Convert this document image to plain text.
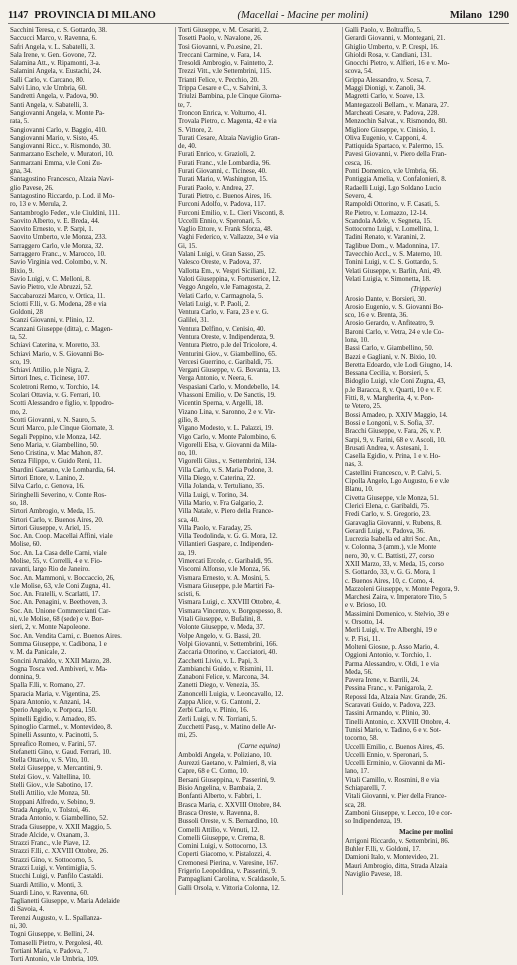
1147 PROVINCIA DI MILANO	(Macellai - Macine per molini)	Milano 1290
Sacchini Teresa, c. S. Gottardo, 38.
Saccucci Marco, v. Ravenna, 6.
Safri Angela, v. L. Sabatelli, 3.
Sala Irene, v. Gen. Govone, 72.
Salamina Att., v. Ripamonti, 3-a.
Salamini Angela, v. Eustachi, 24.
Salli Carlo, v. Carcano, 80.
Salvi Lino, v.le Umbria, 60.
Sandretti Angela, v. Padova, 90.
Santi Angela, v. Sabatelli, 3.
Sangiovanni Angela, v. Monte Pa-
rata, 5.
Sangiovanni Carlo, v. Baggio, 410.
Sangiovanni Mario, v. Sisto, 45.
Sangiovanni Ricc., v. Rismondo, 30.
Sanmarzano Eschele, v. Muratori, 10.
Sanmarzani Emma, v.le Coni Zu-
gna, 34.
Santagostino Francesco, Alzaia Navi-
glio Pavese, 26.
Santagostino Riccardo, p. Lod. il Mo-
ro, 13 e v. Merula, 2.
Santambroglo Feder., v.le Ciuldini, 111.
Saovito Alberto, v. E. Breda, 44.
Saovito Ernesto, v. P. Sarpi, 1.
Saovito Umberto, v.le Monza, 233.
Sarraggero Carlo, v.le Monza, 32.
Sarraggero Franc., v. Marocco, 10.
Savio Virginia ved. Colombo, v. N.
Bixio, 9.
Savio Luigi, v. C. Melloni, 8.
Savio Pietro, v.le Abruzzi, 52.
Saccabarozzi Marco, v. Ortica, 11.
Sciotti F.lli, v. G. Modena, 28 e via
Goldoni, 28
Scanzi Giovanni, v. Plinio, 12.
Scanzani Giuseppe (ditta), c. Magen-
ta, 52.
Schiavi Caterina, v. Moretto, 33.
Schiavi Mario, v. S. Giovanni Bo-
sco, 19.
Schiavi Attilio, p.le Nigra, 2.
Sirtori Ines, c. Ticinese, 107.
Scoletroni Remo, v. Torchio, 14.
Scolari Ottavia, v. G. Ferrari, 10.
Scotti Alessandro e figlio, v. Ippodro-
mo, 2.
Scotti Giovanni, v. N. Sauro, 5.
Scuri Marco, p.le Cinque Giornate, 3.
Segali Peppino, v.le Monza, 142.
Seno Maria, v. Giambellino, 50.
Seno Cristina, v. Mac Mahon, 87.
Senza Filippo, v. Guido Reni, 11.
Sbardini Gaetano, v.le Lombardia, 64.
Sirtori Ettore, v. Lanino, 2.
Silva Carlo, c. Genova, 16.
Siringhelli Severino, v. Conte Ros-
so, 18.
Sirtori Ambrogio, v. Meda, 15.
Sirtori Carlo, v. Buenos Aires, 20.
Sirtori Giuseppe, v. Ariel, 15.
Soc. An. Coop. Macellai Affini, viale
Molise, 60.
Soc. An. La Casa delle Carni, viale
Molise, 55, v. Correlli, 4 e v. Fio-
ravanti, largo Rio de Janeiro.
Soc. An. Mammoni, v. Boccaccio, 26,
v.le Molise, 63, v.le Coni Zugna, 41.
Soc. An. Fratelli, v. Scarlatti, 17.
Soc. An. Penagini, v. Beethoven, 3.
Soc. An. Unione Commercianti Car-
ni, v.le Molise, 68 (sede) e v. Bor-
sieri, 2, v. Monte Napoleone.
Soc. An. Vendita Carni, c. Buenos Aires.
Somma Giuseppe, v. Cadibona, 1 e
v. M. da Panicale, 2.
Soncini Arnaldo, v. XXII Marzo, 28.
Sogna Tosca ved. Ambiveri, v. Ma-
donnina, 9.
Spalla F.lli, v. Romano, 27.
Sparacia Maria, v. Vigentina, 25.
Spara Antonio, v. Anzani, 14.
Sperio Angelo, v. Porpora, 150.
Spinelli Egidio, v. Amadeo, 85.
Spinoglio Carmel., v. Montevideo, 8.
Spinelli Assunto, v. Pacinotti, 5.
Spreafico Romeo, v. Farini, 57.
Stefanetti Gino, v. Gaud. Ferrari, 10.
Stella Ottavio, v. S. Vito, 10.
Stelzi Giuseppe, v. Mercantini, 9.
Stelzi Giov., v. Valtellina, 10.
Stelli Giov., v.le Sabotino, 17.
Stelli Attilio, v.le Monza, 50.
Stoppani Alfredo, v. Sebino, 9.
Strada Angelo, v. Tolstoi, 46.
Strada Antonio, v. Giambellino, 52.
Strada Giuseppe, v. XXII Maggio, 5.
Strade Alcide, v. Oxanam, 3.
Strazzi Franc., v.le Piave, 12.
Strazzi F.lli, c. XXVIII Ottobre, 26.
Strazzi Gino, v. Sottocorno, 5.
Strazzi Luigi, v. Ventimiglia, 5.
Stucchi Luigi, v. Panfilo Castaldi.
Suardi Attilio, v. Monti, 3.
Suardi Lino, v. Ravenna, 60.
Taglianetti Giuseppe, v. Maria Adelaide
di Savoia, 4.
Terenzi Augusto, v. L. Spallanza-
ni, 30.
Togni Giuseppe, v. Bellini, 24.
Tomaselli Pietro, v. Pergolesi, 40.
Tortiani Maria, v. Padova, 7.
Torti Antonio, v.le Umbria, 109.
Torti Giuseppe, v. M. Cesariti, 2.
Tosetti Paolo, v. Navalone, 26.
Tosi Giovanni, v. Po.esine, 21.
Treccani Carmine, v. Fara, 14.
Tresoldi Ambrogio, v. Faintetto, 2.
Trezzi Vitt., v.le Settembrini, 115.
Trianti Felice, v. Pecchio, 20.
Trippa Cesare e C., v. Salvini, 3.
Triulzi Bambina, p.le Cinque Giorna-
te, 7.
Troncon Enrica, v. Volturno, 41.
Trovala Pietro, c. Magenta, 42 e via
S. Vittore, 2.
Turati Cesare, Alzaia Naviglio Gran-
de, 40.
Furati Enrico, v. Grazioli, 2.
Furati Franc., v.le Lombardia, 96.
Furati Giovanni, c. Ticinese, 40.
Turati Mario, v. Washington, 15.
Furati Paolo, v. Andrea, 27.
Turati Pietro, c. Buenos Aires, 16.
Furconi Adolfo, v. Padova, 117.
Furconi Emilio, v. L. Cieri Visconti, 8.
Uccelli Ennio, v. Speronari, 5.
Vaglio Ettore, v. Frank Sforza, 48.
Vaghi Federico, v. Vallazze, 34 e via
Gi, 15.
Valani Luigi, v. Gran Sasso, 25.
Valesco Oreste, v. Padova, 37.
Vallotta Em., v. Vespri Siciliani, 12.
Valoti Giuseppina, v. Fortuserice, 12.
Veggo Angelo, v.le Famagosta, 2.
Velati Carlo, v. Carmagnola, 5.
Velati Luigi, v. P. Paoli, 2.
Ventura Carlo, v. Fara, 23 e v. G.
Galilei, 31.
Ventura Delfino, v. Cenisio, 40.
Ventura Oreste, v. Indipendenza, 9.
Ventura Pietro, p.le del Tricolore, 4.
Venturini Giov., v. Giambellino, 65.
Vercesi Guerrino, c. Garibaldi, 75.
Vergani Giuseppe, v. G. Bovanta, 13.
Verga Antonio, v. Neera, 6.
Vespasiani Carlo, v. Mondebello, 14.
Vhassoni Emilio, v. De Sanctis, 19.
Vicentin Sperna, v. Argelli, 18.
Vizano Lina, v. Saronno, 2 e v. Vir-
gilio, 8.
Vigano Modesto, v. L. Palazzi, 19.
Vigo Carlo, v. Monte Palombino, 6.
Vigorelli Elsa, v. Giovanni da Mila-
no, 10.
Vigorelli Gius., v. Settembrini, 134.
Villa Carlo, v. S. Maria Podone, 3.
Villa Diego, v. Caterina, 22.
Villa Jolanda, v. Tertuliano, 35.
Villa Luigi, v. Torino, 34.
Villa Mario, v. Fra Galgario, 2.
Villa Natale, v. Piero della France-
sca, 40.
Villa Paolo, v. Faraday, 25.
Villa Teodolinda, v. G. G. Mora, 12.
Villantieri Gaspare, c. Indipenden-
za, 19.
Vimercati Ercole, c. Garibaldi, 95.
Viscomi Alfonso, v.le Monza, 56.
Vismara Ernesto, v. A. Mosini, 5.
Vismara Giuseppe, p.le Martiri Fa-
scisti, 6.
Vismara Luigi, c. XXVIII Ottobre, 4.
Vismara Vincenzo, v. Borgospesso, 8.
Vitali Giuseppe, v. Bufalini, 8.
Volonte Giuseppe, v. Meda, 37.
Volpe Angelo, v. G. Bassi, 20.
Volpi Giovanni, v. Settembrini, 166.
Zaccaria Ottorino, v. Cacciatori, 40.
Zacchetti Livio, v. L. Papi, 3.
Zambianchi Guido, v. Rismini, 11.
Zanaboni Felice, v. Marcona, 34.
Zanetti Diego, v. Venezia, 35.
Zanoncelli Luigia, v. Leoncavallo, 12.
Zappa Alice, v. G. Cantoni, 2.
Zerbi Carlo, v. Plinio, 16.
Zerli Luigi, v. N. Torriani, 5.
Zucchetti Pasq., v. Matino delle Ar-
mi, 25.
(Carne equina)
Amboldi Angela, v. Poliziano, 10.
Aurezzi Gaetano, v. Palmieri, 8, via
Capre, 68 e C. Como, 10.
Bersani Giuseppina, v. Passerini, 9.
Bisio Angelina, v. Bambaia, 2.
Bonfanti Alberto, v. Fabbri, 1.
Brasca Maria, c. XXVIII Ottobre, 84.
Brasca Oreste, v. Ravenna, 8.
Bussoli Oreste, v. S. Bernardino, 10.
Comelli Attilio, v. Venuti, 12.
Comelli Giuseppe, v. Crema, 8.
Comini Luigi, v. Sottocorno, 13.
Coperti Giacomo, v. Pistalozzi, 4.
Cremonesi Pierina, v. Varesine, 167.
Frigerio Leopoldina, v. Passerini, 9.
Pampagliani Carolina, v. Scaldasole, 5.
Galli Orsola, v. Vittoria Colonna, 12.
Galli Paolo, v. Boltraffio, 5.
Gerardi Giovanni, v. Montegani, 21.
Ghiglio Umberto, v. P. Crespi, 16.
Ghioldi Rosa, v. Candiani, 131.
Gnocchi Pietro, v. Alfieri, 16 e v. Mo-
scova, 54.
Grippa Alessandro, v. Scesa, 7.
Maggi Dionigi, v. Zanoli, 34.
Magretti Carlo, v. Soave, 13.
Mantegazzoli Bellam., v. Manara, 27.
Marcheati Cesare, v. Padova, 228.
Menzochin Salvat., v. Rismondo, 80.
Migliore Giuseppe, v. Cinisio, 1.
Oliva Eugenio, v. Capponi, 4.
Pattiquida Spartaco, v. Palermo, 15.
Pavesi Giovanni, v. Piero della Fran-
cesca, 16.
Ponti Domenico, v.le Umbria, 66.
Pontiggia Amelia, v. Confalonieri, 8.
Radaelli Luigi, Lgo Soldano Lucio
Severo, 4.
Rampoldi Ottorino, v. F. Casati, 5.
Re Pietro, v. Lomazzo, 12-14.
Scandola Adele, v. Segneta, 15.
Sottocorno Luigi, v. Lomellina, 1.
Tadini Renato, v. Varanini, 2.
Taglibue Dom., v. Madonnina, 17.
Tavecchio Accl., v. S. Materno, 10.
Tonini Luigi, v. C. S. Gottardo, 5.
Velati Giuseppe, v. Barlin, Ani, 49.
Velati Luigia, v. Simonetta, 18.
(Tripperie)
Arosio Dante, v. Borsieri, 30.
Arosio Eugenio, v. S. Giovanni Bo-
sco, 16 e v. Brenta, 36.
Arosio Gerardo, v. Anfiteatro, 9.
Baroni Carlo, v. Vetra, 24 e v.le Co-
lona, 10.
Bassi Carlo, v. Giambellino, 50.
Bazzi e Gagliani, v. N. Bixio, 10.
Beretta Edoardo, v.le Lodi Giugno, 14.
Bessana Cecilia, v. Borsieri, 5.
Bidoglio Luigi, v.le Coni Zugna, 43,
p.le Baracca, 8, v. Quarti, 10 e v. F.
Fitti, 8, v. Margherita, 4, v. Pon-
te Vetero, 25.
Bossi Amadeo, p. XXIV Maggio, 14.
Bossi e Longoni, v. S. Sofia, 37.
Bracchi Giuseppe, v. Fara, 26, v. P.
Sarpi, 9, v. Farini, 68 e v. Ascoli, 10.
Brusati Andrea, v. Astesani, 1.
Casella Egidio, v. Prina, 1 e v. Ho-
nas, 3.
Castellini Francesco, v. P. Calvi, 5.
Cipolla Angelo, Lgo Augusto, 6 e v.le
Blanu, 10.
Civetta Giuseppe, v.le Monza, 51.
Clerici Elena, c. Garibaldi, 75.
Fredi Carlo, v. S. Gregorio, 23.
Garavaglia Giovanni, v. Rubens, 8.
Gerardi Luigi, v. Padova, 36.
Lucrezia Isabella ed altri Soc. An.,
v. Colonna, 3 (amm.), v.le Monte
nero, 30, v. C. Battisti, 27, corso
XXII Marzo, 33, v. Meda, 15, corso
S. Gottardo, 33, v. G. G. Mora, 1
c. Buenos Aires, 10, c. Como, 4.
Mazzoleni Giuseppe, v. Monte Pegora, 9.
Marchesi Zaira, v. Imperatore Tito, 5
e v. Brioso, 10.
Massimini Domenico, v. Stelvio, 39 e
v. Orsotto, 14.
Merli Luigi, v. Tre Alberghi, 19 e
v. P. Fisi, 11.
Molteni Giosue, p. Asso Mario, 4.
Oggioni Antonio, v. Torchio, 1.
Parma Alessandro, v. Oldi, 1 e via
Meda, 56.
Pavera Irene, v. Barrili, 24.
Pessina Franc., v. Panigarola, 2.
Repossi Ida, Alzaia Nav. Grande, 26.
Scaravati Guido, v. Padova, 223.
Tassini Armando, v. Plinio, 30.
Tinelli Antonio, c. XXVIII Ottobre, 4.
Tunisi Mario, v. Tadino, 6 e v. Sot-
tocorno, 58.
Uccelli Emilio, c. Buenos Aires, 45.
Uccelli Ennio, v. Speronari, 5.
Uccelli Erminio, v. Giovanni da Mi-
lano, 17.
Vitali Camillo, v. Rosmini, 8 e via
Schiaparelli, 7.
Vitali Giovanni, v. Pier della France-
sca, 28.
Zamboni Giuseppe, v. Lecco, 10 e cor-
so Indipendenza, 19.
Macine per molini
Arrigoni Riccardo, v. Settembrini, 86.
Buhler F.lli, v. Goldoni, 17.
Damioni Italo, v. Montevideo, 21.
Mauri Ambrogio, ditta, Strada Alzaia
Naviglio Pavese, 18.
